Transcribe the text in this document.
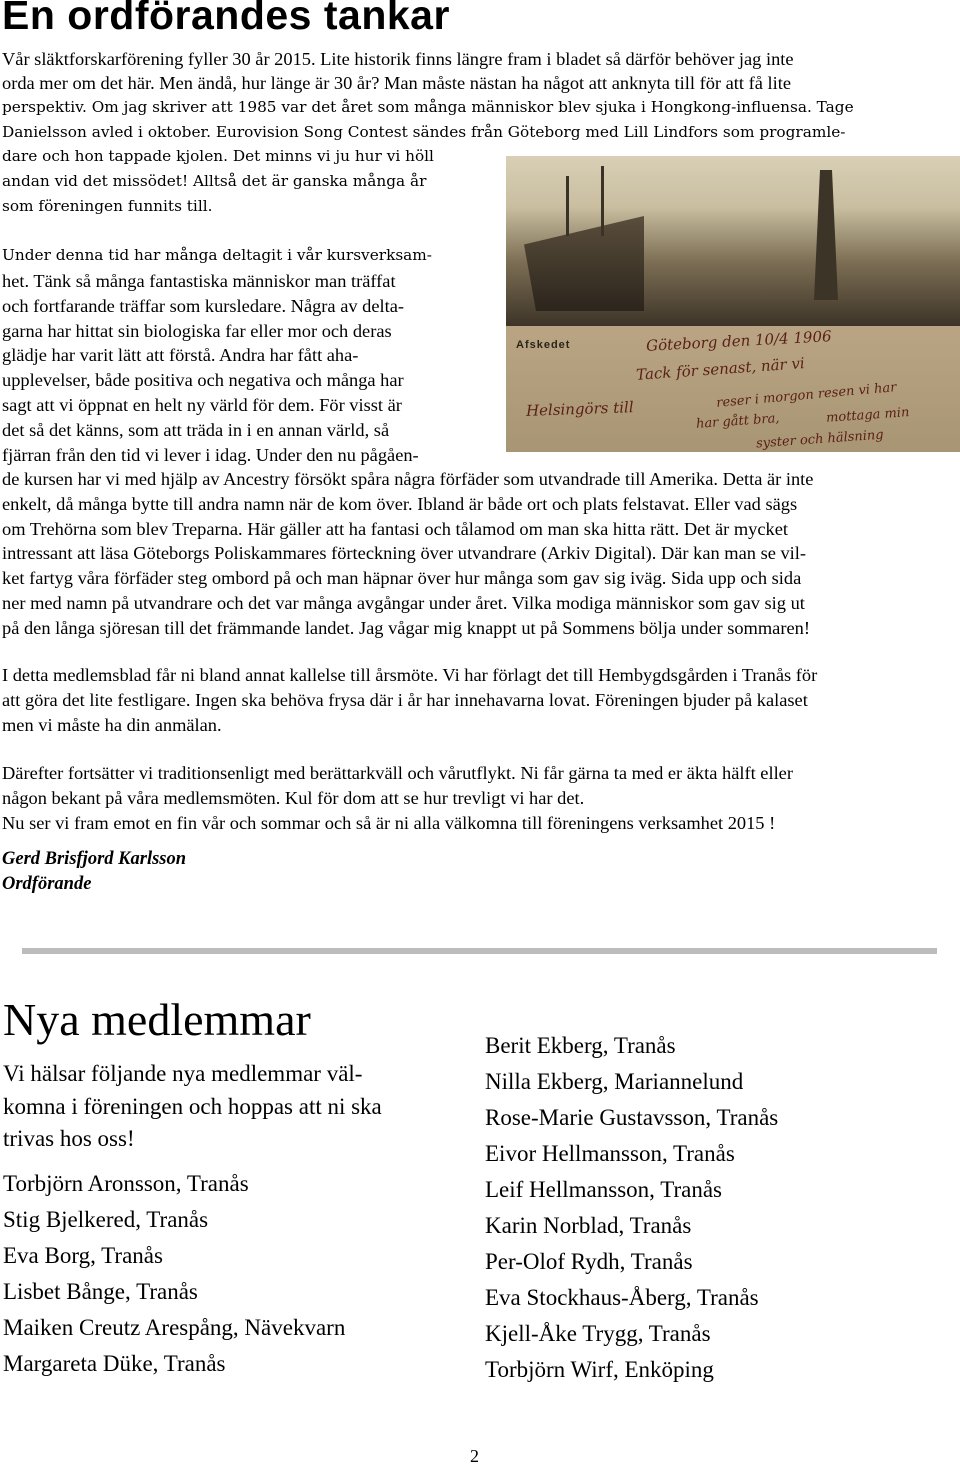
En ordförandes tankar
Vår släktforskarförening fyller 30 år 2015. Lite historik finns längre fram i bladet så därför behöver jag inte
orda mer om det här. Men ändå, hur länge är 30 år? Man måste nästan ha något att anknyta till för att få lite
perspektiv. Om jag skriver att 1985 var det året som många människor blev sjuka i Hongkong-influensa. Tage
Danielsson avled i oktober. Eurovision Song Contest sändes från Göteborg med Lill Lindfors som programle-
dare och hon tappade kjolen. Det minns vi ju hur vi höll
andan vid det missödet! Alltså det är ganska många år
som föreningen funnits till.
Under denna tid har många deltagit i vår kursverksam-
het. Tänk så många fantastiska människor man träffat
och fortfarande träffar som kursledare. Några av delta-
garna har hittat sin biologiska far eller mor och deras
glädje har varit lätt att förstå. Andra har fått aha-
upplevelser, både positiva och negativa och många har
sagt att vi öppnat en helt ny värld för dem. För visst är
det så det känns, som att träda in i en annan värld, så
fjärran från den tid vi lever i idag. Under den nu pågåen-
de kursen har vi med hjälp av Ancestry försökt spåra några förfäder som utvandrade till Amerika. Detta är inte
enkelt, då många bytte till andra namn när de kom över. Ibland är både ort och plats felstavat. Eller vad sägs
om Trehörna som blev Treparna. Här gäller att ha fantasi och tålamod om man ska hitta rätt. Det är mycket
intressant att läsa Göteborgs Poliskammares förteckning över utvandrare (Arkiv Digital). Där kan man se vil-
ket fartyg våra förfäder steg ombord på och man häpnar över hur många som gav sig iväg. Sida upp och sida
ner med namn på utvandrare och det var många avgångar under året. Vilka modiga människor som gav sig ut
på den långa sjöresan till det främmande landet. Jag vågar mig knappt ut på Sommens bölja under sommaren!
I detta medlemsblad får ni bland annat kallelse till årsmöte. Vi har förlagt det till Hembygdsgården i Tranås för
att göra det lite festligare. Ingen ska behöva frysa där i år har innehavarna lovat. Föreningen bjuder på kalaset
men vi måste ha din anmälan.
Därefter fortsätter vi traditionsenligt med berättarkväll och vårutflykt. Ni får gärna ta med er äkta hälft eller
någon bekant på våra medlemsmöten. Kul för dom att se hur trevligt vi har det.
Nu ser vi fram emot en fin vår och sommar och så är ni alla välkomna till föreningens verksamhet 2015 !
Gerd Brisfjord Karlsson
Ordförande
Afskedet	Göteborg den 10/4 1906
Tack för senast, när vi
reser i morgon resen vi har
Helsingörs till
har gått bra,	mottaga min
syster och hälsning
Nya medlemmar
Vi hälsar följande nya medlemmar väl-
komna i föreningen och hoppas att ni ska
trivas hos oss!
Torbjörn Aronsson, Tranås
Stig Bjelkered, Tranås
Eva Borg, Tranås
Lisbet Bånge, Tranås
Maiken Creutz Arespång, Nävekvarn
Margareta Düke, Tranås
Berit Ekberg, Tranås
Nilla Ekberg, Mariannelund
Rose-Marie Gustavsson, Tranås
Eivor Hellmansson, Tranås
Leif Hellmansson, Tranås
Karin Norblad, Tranås
Per-Olof Rydh, Tranås
Eva Stockhaus-Åberg, Tranås
Kjell-Åke Trygg, Tranås
Torbjörn Wirf, Enköping
2
